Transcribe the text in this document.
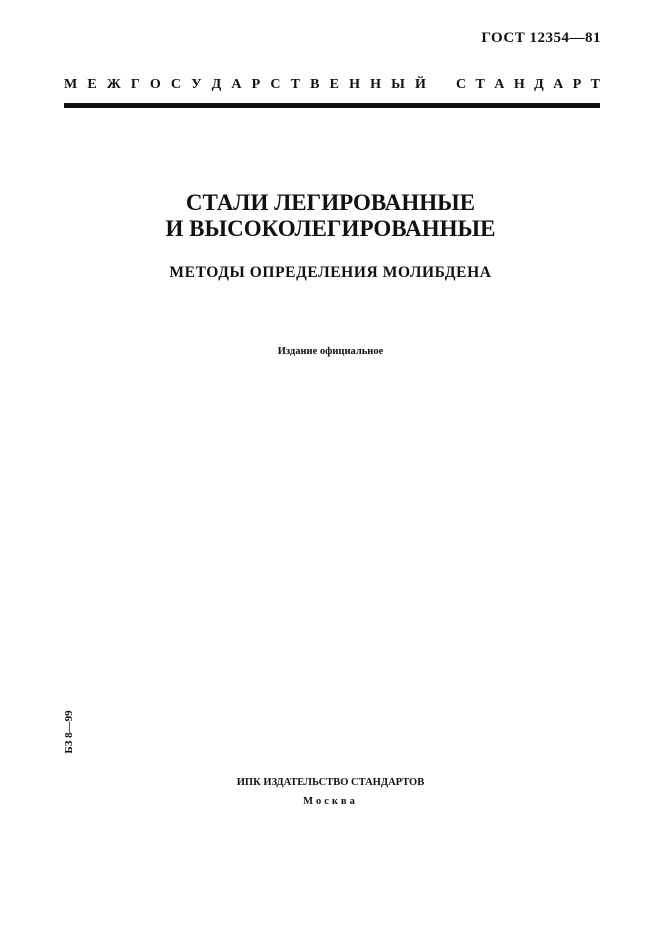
ГОСТ 12354—81
М Е Ж Г О С У Д А Р С Т В Е Н Н Ы Й С Т А Н Д А Р Т
СТАЛИ ЛЕГИРОВАННЫЕ
И ВЫСОКОЛЕГИРОВАННЫЕ
МЕТОДЫ ОПРЕДЕЛЕНИЯ МОЛИБДЕНА
Издание официальное
БЗ 8—99
ИПК ИЗДАТЕЛЬСТВО СТАНДАРТОВ
Москва
